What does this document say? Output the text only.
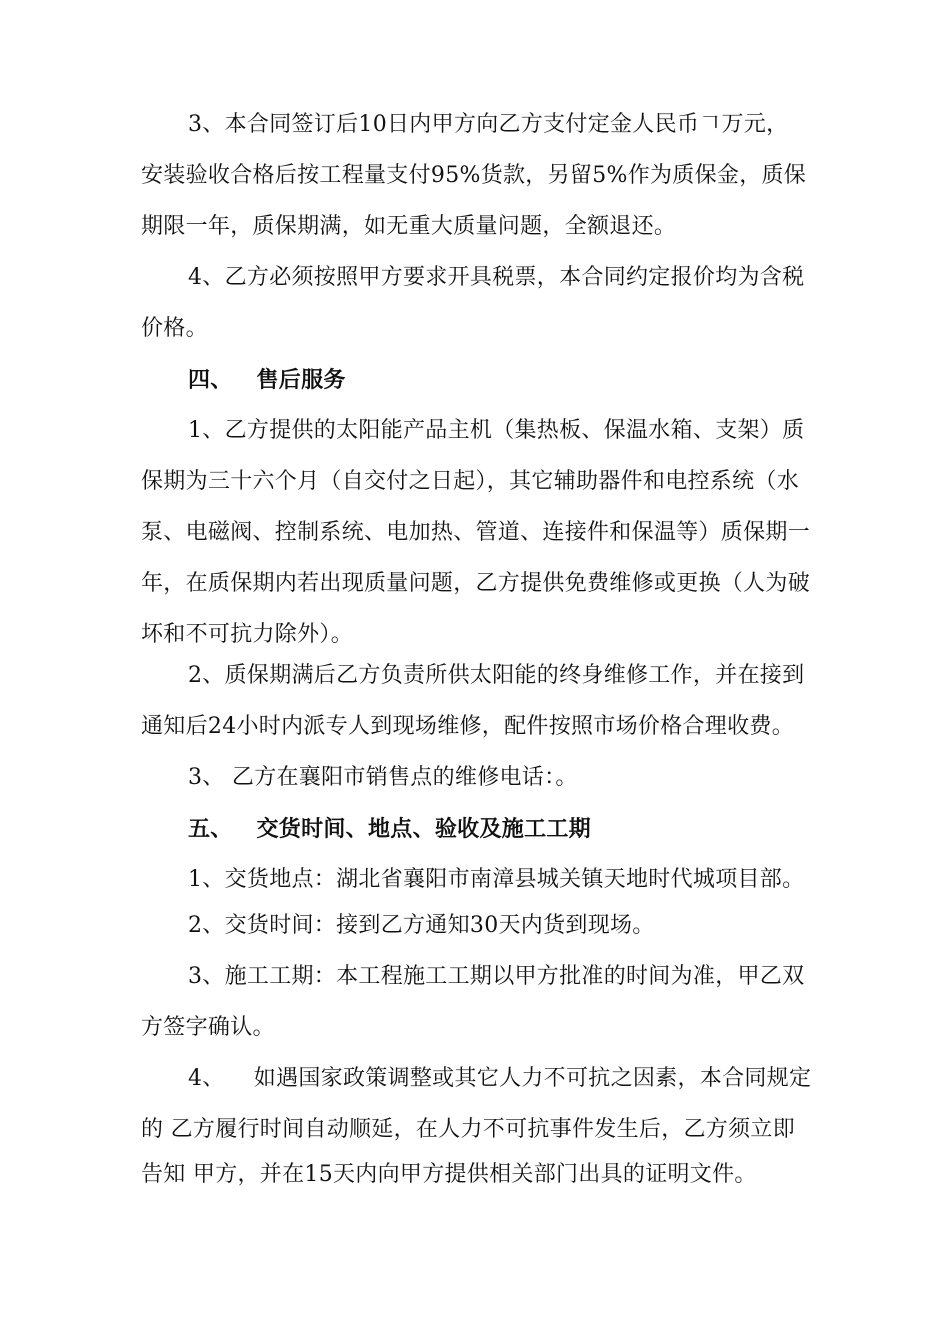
3、本合同签订后10日内甲方向乙方支付定金人民币𠃍万元，
安装验收合格后按工程量支付95%货款，另留5%作为质保金，质保
期限一年，质保期满，如无重大质量问题，全额退还。
4、乙方必须按照甲方要求开具税票，本合同约定报价均为含税
价格。
四、   售后服务
1、乙方提供的太阳能产品主机（集热板、保温水箱、支架）质
保期为三十六个月（自交付之日起），其它辅助器件和电控系统（水
泵、电磁阀、控制系统、电加热、管道、连接件和保温等）质保期一
年，在质保期内若出现质量问题，乙方提供免费维修或更换（人为破
坏和不可抗力除外）。
2、质保期满后乙方负责所供太阳能的终身维修工作，并在接到
通知后24小时内派专人到现场维修，配件按照市场价格合理收费。
3、 乙方在襄阳市销售点的维修电话：。
五、   交货时间、地点、验收及施工工期
1、交货地点：湖北省襄阳市南漳县城关镇天地时代城项目部。
2、交货时间：接到乙方通知30天内货到现场。
3、施工工期：本工程施工工期以甲方批准的时间为准，甲乙双
方签字确认。
4、    如遇国家政策调整或其它人力不可抗之因素，本合同规定
的 乙方履行时间自动顺延，在人力不可抗事件发生后，乙方须立即
告知 甲方，并在15天内向甲方提供相关部门出具的证明文件。
